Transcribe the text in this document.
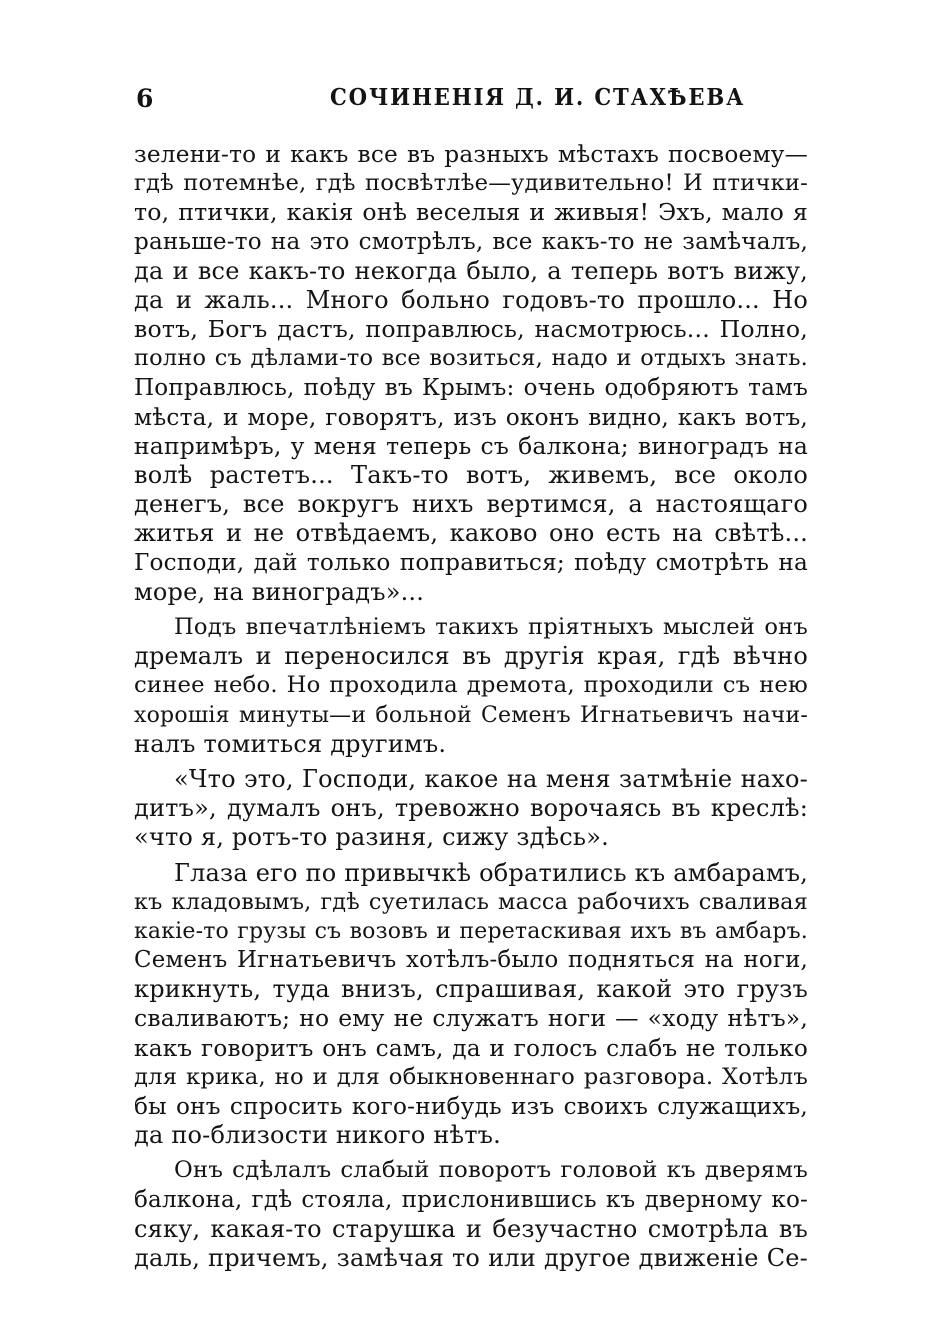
6	СОЧИНЕНІЯ Д. И. СТАХѢЕВА
зелени-то и какъ все въ разныхъ мѣстахъ посвоему—
гдѣ потемнѣе, гдѣ посвѣтлѣе—удивительно! И птички-
то, птички, какія онѣ веселыя и живыя! Эхъ, мало я
раньше-то на это смотрѣлъ, все какъ-то не замѣчалъ,
да и все какъ-то некогда было, а теперь вотъ вижу,
да и жаль... Много больно годовъ-то прошло... Но
вотъ, Богъ дастъ, поправлюсь, насмотрюсь... Полно,
полно съ дѣлами-то все возиться, надо и отдыхъ знать.
Поправлюсь, поѣду въ Крымъ: очень одобряютъ тамъ
мѣста, и море, говорятъ, изъ оконъ видно, какъ вотъ,
напримѣръ, у меня теперь съ балкона; виноградъ на
волѣ растетъ... Такъ-то вотъ, живемъ, все около
денегъ, все вокругъ нихъ вертимся, а настоящаго
житья и не отвѣдаемъ, каково оно есть на свѣтѣ...
Господи, дай только поправиться; поѣду смотрѣть на
море, на виноградъ»...
Подъ впечатлѣніемъ такихъ пріятныхъ мыслей онъ
дремалъ и переносился въ другія края, гдѣ вѣчно
синее небо. Но проходила дремота, проходили съ нею
хорошія минуты—и больной Семенъ Игнатьевичъ начи-
налъ томиться другимъ.
«Что это, Господи, какое на меня затмѣніе нахо-
дитъ», думалъ онъ, тревожно ворочаясь въ креслѣ:
«что я, ротъ-то разиня, сижу здѣсь».
Глаза его по привычкѣ обратились къ амбарамъ,
къ кладовымъ, гдѣ суетилась масса рабочихъ сваливая
какіе-то грузы съ возовъ и перетаскивая ихъ въ амбаръ.
Семенъ Игнатьевичъ хотѣлъ-было подняться на ноги,
крикнуть, туда внизъ, спрашивая, какой это грузъ
сваливаютъ; но ему не служатъ ноги — «ходу нѣтъ»,
какъ говоритъ онъ самъ, да и голосъ слабъ не только
для крика, но и для обыкновеннаго разговора. Хотѣлъ
бы онъ спросить кого-нибудь изъ своихъ служащихъ,
да по-близости никого нѣтъ.
Онъ сдѣлалъ слабый поворотъ головой къ дверямъ
балкона, гдѣ стояла, прислонившись къ дверному ко-
сяку, какая-то старушка и безучастно смотрѣла въ
даль, причемъ, замѣчая то или другое движеніе Се-
